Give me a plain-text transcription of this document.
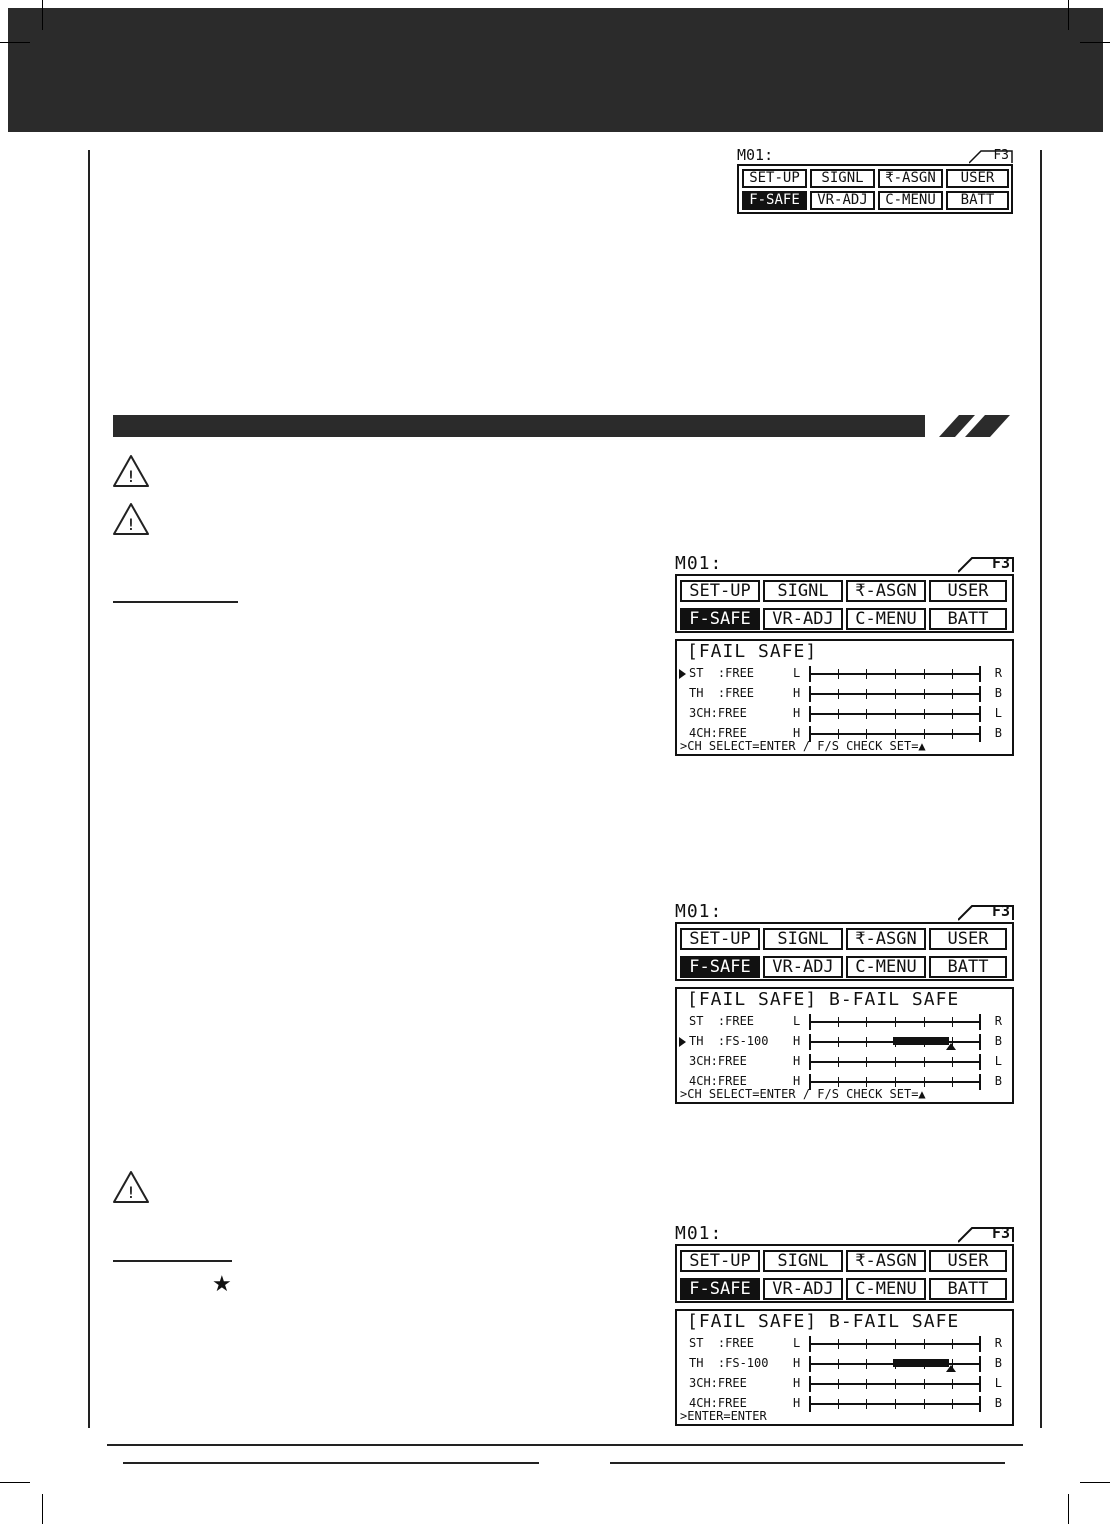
M01:	F3
SET-UP	SIGNL	₹-ASGN	USER
F-SAFE	VR-ADJ	C-MENU	BATT
!
!
!
★
M01:	F3
SET-UP	SIGNL	₹-ASGN	USER
F-SAFE	VR-ADJ	C-MENU	BATT
[FAIL SAFE]
ST  :FREE	L	R
TH  :FREE	H	B
3CH:FREE	H	L
4CH:FREE	H	B
>CH SELECT=ENTER / F/S CHECK SET=▲
M01:	F3
SET-UP	SIGNL	₹-ASGN	USER
F-SAFE	VR-ADJ	C-MENU	BATT
[FAIL SAFE] B-FAIL SAFE
ST  :FREE	L	R
TH  :FS-100 H	B
3CH:FREE	H	L
4CH:FREE	H	B
>CH SELECT=ENTER / F/S CHECK SET=▲
M01:	F3
SET-UP	SIGNL	₹-ASGN	USER
F-SAFE	VR-ADJ	C-MENU	BATT
[FAIL SAFE] B-FAIL SAFE
ST  :FREE	L	R
TH  :FS-100 H	B
3CH:FREE	H	L
4CH:FREE	H	B
>ENTER=ENTER
